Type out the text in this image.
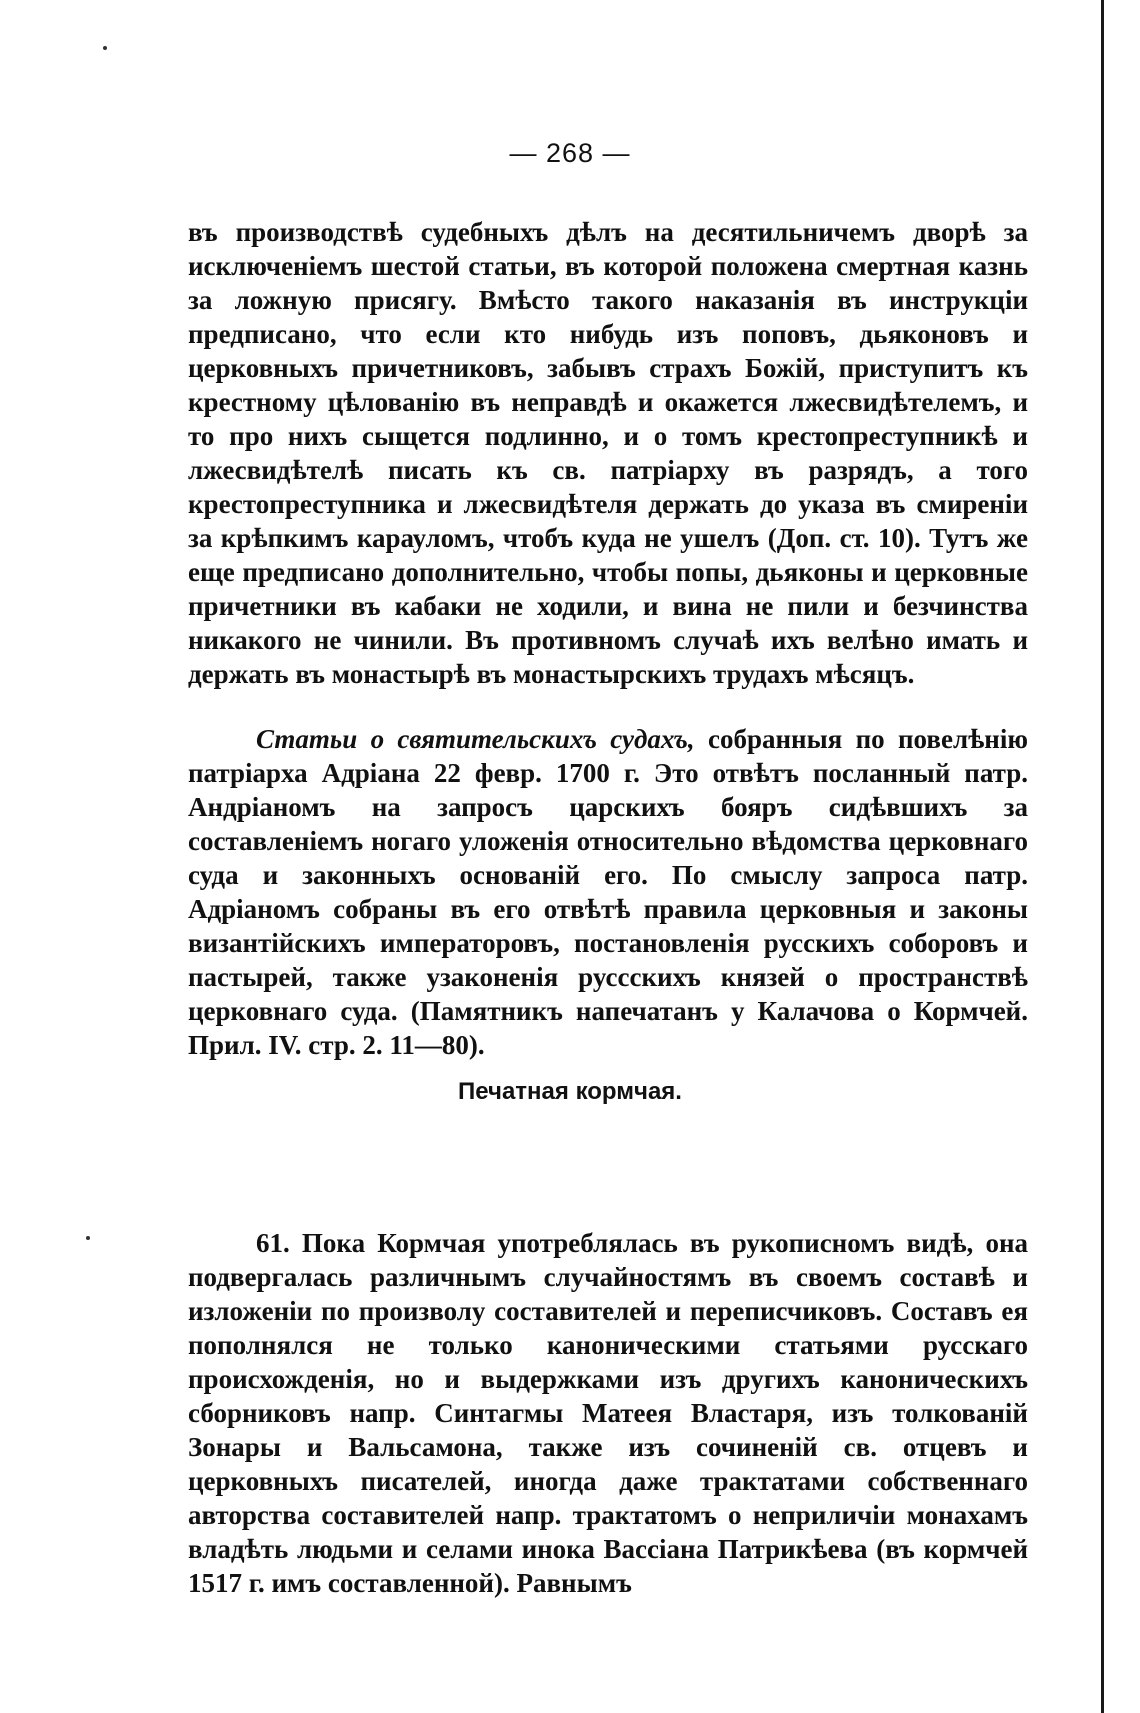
— 268 —
въ производствѣ судебныхъ дѣлъ на десятильничемъ дворѣ за исключеніемъ шестой статьи, въ которой положена смертная казнь за ложную присягу. Вмѣсто такого наказанія въ инструкціи предписано, что если кто нибудь изъ поповъ, дьяконовъ и церковныхъ причетниковъ, забывъ страхъ Божій, приступитъ къ крестному цѣлованію въ неправдѣ и окажется лжесвидѣтелемъ, и то про нихъ сыщется подлинно, и о томъ крестопреступникѣ и лжесвидѣтелѣ писать къ св. патріарху въ разрядъ, а того крестопреступника и лжесвидѣтеля держать до указа въ смиреніи за крѣпкимъ карауломъ, чтобъ куда не ушелъ (Доп. ст. 10). Тутъ же еще предписано дополнительно, чтобы попы, дьяконы и церковные причетники въ кабаки не ходили, и вина не пили и безчинства никакого не чинили. Въ противномъ случаѣ ихъ велѣно имать и держать въ монастырѣ въ монастырскихъ трудахъ мѣсяцъ.
Статьи о святительскихъ судахъ, собранныя по повелѣнію патріарха Адріана 22 февр. 1700 г. Это отвѣтъ посланный патр. Андріаномъ на запросъ царскихъ бояръ сидѣвшихъ за составленіемъ нoгаго уложенія относительно вѣдомства церковнаго суда и законныхъ основаній его. По смыслу запроса патр. Адріаномъ собраны въ его отвѣтѣ правила церковныя и законы византійскихъ императоровъ, постановленія русскихъ соборовъ и пастырей, также узаконенія руссскихъ князей о пространствѣ церковнаго суда. (Памятникъ напечатанъ у Калачова о Кормчей. Прил. IV. стр. 2. 11—80).
Печатная кормчая.
61. Пока Кормчая употреблялась въ рукописномъ видѣ, она подвергалась различнымъ случайностямъ въ своемъ составѣ и изложеніи по произволу составителей и переписчиковъ. Составъ ея пополнялся не только каноническими статьями русскаго происхожденія, но и выдержками изъ другихъ каноническихъ сборниковъ напр. Синтагмы Матеея Властаря, изъ толкованій Зонары и Вальсамона, также изъ сочиненій св. отцевъ и церковныхъ писателей, иногда даже трактатами собственнаго авторства составителей напр. трактатомъ о неприличіи монахамъ владѣть людьми и селами инока Вассіана Патрикѣева (въ кормчей 1517 г. имъ составленной). Равнымъ
